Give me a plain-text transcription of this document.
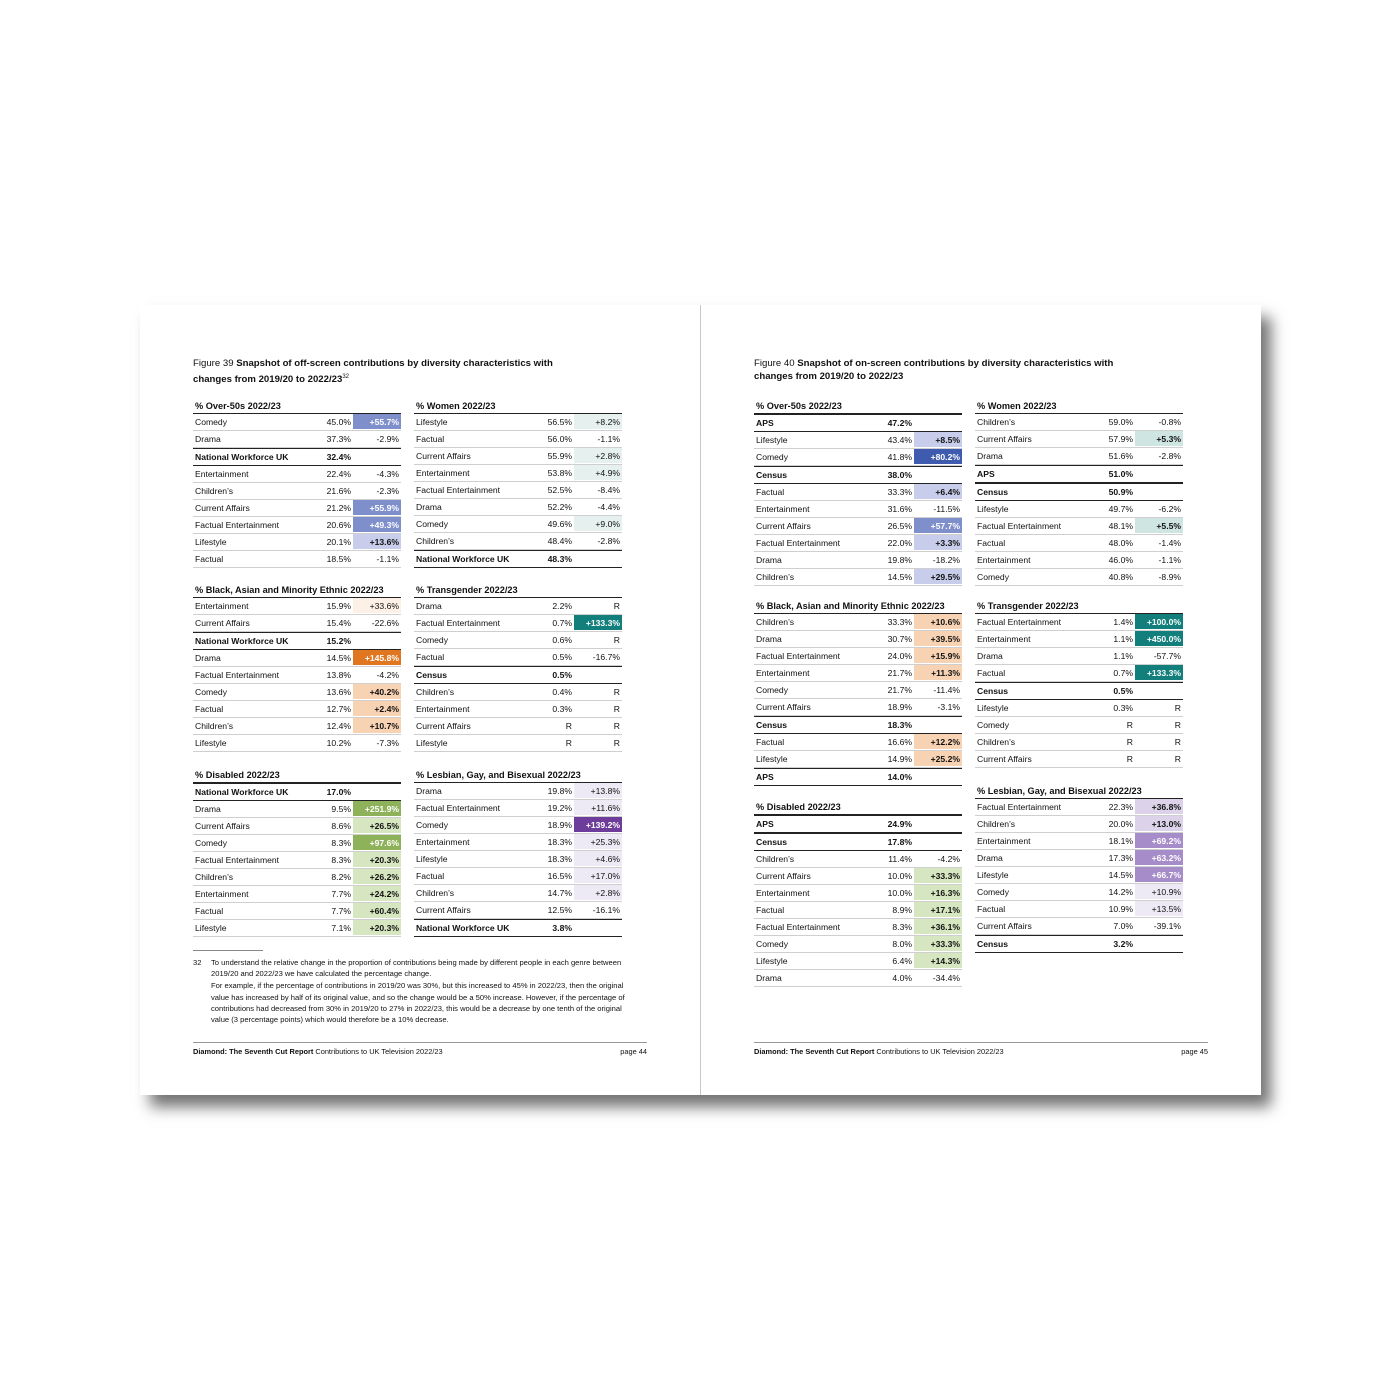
Figure 39 Snapshot of off-screen contributions by diversity characteristics with changes from 2019/20 to $2022/23^{32}$
% Over-50s 2022/23
Comedy	45.0%	+55.7%
Drama	37.3%	-2.9%
National Workforce UK	32.4%
Entertainment	22.4%	-4.3%
Children’s	21.6%	-2.3%
Current Affairs	21.2%	+55.9%
Factual Entertainment	20.6%	+49.3%
Lifestyle	20.1%	+13.6%
Factual	18.5%	-1.1%
% Women 2022/23
Lifestyle	56.5%	+8.2%
Factual	56.0%	-1.1%
Current Affairs	55.9%	+2.8%
Entertainment	53.8%	+4.9%
Factual Entertainment	52.5%	-8.4%
Drama	52.2%	-4.4%
Comedy	49.6%	+9.0%
Children’s	48.4%	-2.8%
National Workforce UK	48.3%
% Black, Asian and Minority Ethnic 2022/23
Entertainment	15.9%	+33.6%
Current Affairs	15.4%	-22.6%
National Workforce UK	15.2%
Drama	14.5%	+145.8%
Factual Entertainment	13.8%	-4.2%
Comedy	13.6%	+40.2%
Factual	12.7%	+2.4%
Children’s	12.4%	+10.7%
Lifestyle	10.2%	-7.3%
% Transgender 2022/23
Drama	2.2%	R
Factual Entertainment	0.7%	+133.3%
Comedy	0.6%	R
Factual	0.5%	-16.7%
Census	0.5%
Children’s	0.4%	R
Entertainment	0.3%	R
Current Affairs	R	R
Lifestyle	R	R
% Disabled 2022/23
National Workforce UK	17.0%
Drama	9.5%	+251.9%
Current Affairs	8.6%	+26.5%
Comedy	8.3%	+97.6%
Factual Entertainment	8.3%	+20.3%
Children’s	8.2%	+26.2%
Entertainment	7.7%	+24.2%
Factual	7.7%	+60.4%
Lifestyle	7.1%	+20.3%
% Lesbian, Gay, and Bisexual 2022/23
Drama	19.8%	+13.8%
Factual Entertainment	19.2%	+11.6%
Comedy	18.9%	+139.2%
Entertainment	18.3%	+25.3%
Lifestyle	18.3%	+4.6%
Factual	16.5%	+17.0%
Children’s	14.7%	+2.8%
Current Affairs	12.5%	-16.1%
National Workforce UK	3.8%
32 To understand the relative change in the proportion of contributions being made by different people in each genre between 2019/20 and 2022/23 we have calculated the percentage change.

For example, if the percentage of contributions in 2019/20 was 30%, but this increased to 45% in 2022/23, then the original value has increased by half of its original value, and so the change would be a 50% increase. However, if the percentage of contributions had decreased from 30% in 2019/20 to 27% in 2022/23, this would be a decrease by one tenth of the original value (3 percentage points) which would therefore be a 10% decrease.

Diamond: The Seventh Cut Report Contributions to UK Television 2022/23	page 44
Figure 40 Snapshot of on-screen contributions by diversity characteristics with changes from 2019/20 to 2022/23
% Over-50s 2022/23
APS	47.2%
Lifestyle	43.4%	+8.5%
Comedy	41.8%	+80.2%
Census	38.0%
Factual	33.3%	+6.4%
Entertainment	31.6%	-11.5%
Current Affairs	26.5%	+57.7%
Factual Entertainment	22.0%	+3.3%
Drama	19.8%	-18.2%
Children’s	14.5%	+29.5%
% Women 2022/23
Children’s	59.0%	-0.8%
Current Affairs	57.9%	+5.3%
Drama	51.6%	-2.8%
APS	51.0%
Census	50.9%
Lifestyle	49.7%	-6.2%
Factual Entertainment	48.1%	+5.5%
Factual	48.0%	-1.4%
Entertainment	46.0%	-1.1%
Comedy	40.8%	-8.9%
% Black, Asian and Minority Ethnic 2022/23
Children’s	33.3%	+10.6%
Drama	30.7%	+39.5%
Factual Entertainment	24.0%	+15.9%
Entertainment	21.7%	+11.3%
Comedy	21.7%	-11.4%
Current Affairs	18.9%	-3.1%
Census	18.3%
Factual	16.6%	+12.2%
Lifestyle	14.9%	+25.2%
APS	14.0%
% Transgender 2022/23
Factual Entertainment	1.4%	+100.0%
Entertainment	1.1%	+450.0%
Drama	1.1%	-57.7%
Factual	0.7%	+133.3%
Census	0.5%
Lifestyle	0.3%	R
Comedy	R	R
Children’s	R	R
Current Affairs	R	R
% Disabled 2022/23
APS	24.9%
Census	17.8%
Children’s	11.4%	-4.2%
Current Affairs	10.0%	+33.3%
Entertainment	10.0%	+16.3%
Factual	8.9%	+17.1%
Factual Entertainment	8.3%	+36.1%
Comedy	8.0%	+33.3%
Lifestyle	6.4%	+14.3%
Drama	4.0%	-34.4%
% Lesbian, Gay, and Bisexual 2022/23
Factual Entertainment	22.3%	+36.8%
Children’s	20.0%	+13.0%
Entertainment	18.1%	+69.2%
Drama	17.3%	+63.2%
Lifestyle	14.5%	+66.7%
Comedy	14.2%	+10.9%
Factual	10.9%	+13.5%
Current Affairs	7.0%	-39.1%
Census	3.2%
Diamond: The Seventh Cut Report Contributions to UK Television 2022/23	page 45
